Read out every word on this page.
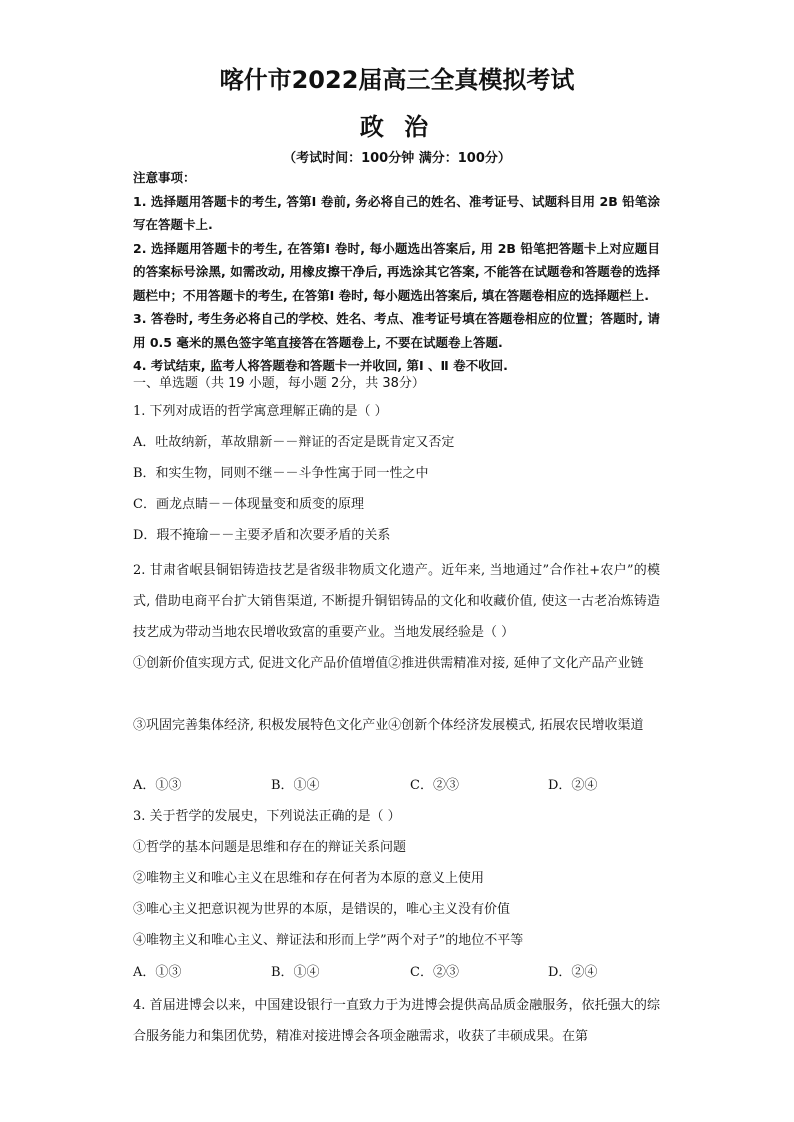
喀什市2022届高三全真模拟考试
政 治
（考试时间：100分钟 满分：100分）

注意事项：

1. 选择题用答题卡的考生, 答第Ⅰ 卷前, 务必将自己的姓名、准考证号、试题科目用 2B 铅笔涂写在答题卡上.

2. 选择题用答题卡的考生, 在答第Ⅰ 卷时, 每小题选出答案后, 用 2B 铅笔把答题卡上对应题目的答案标号涂黑, 如需改动, 用橡皮擦干净后, 再选涂其它答案, 不能答在试题卷和答题卷的选择题栏中；不用答题卡的考生, 在答第Ⅰ 卷时, 每小题选出答案后, 填在答题卷相应的选择题栏上.

3. 答卷时, 考生务必将自己的学校、姓名、考点、准考证号填在答题卷相应的位置；答题时, 请用 0.5 毫米的黑色签字笔直接答在答题卷上, 不要在试题卷上答题.

4. 考试结束, 监考人将答题卷和答题卡一并收回, 第Ⅰ 、Ⅱ 卷不收回.

一、单选题（共 19 小题，每小题 2分，共 38分）
1. 下列对成语的哲学寓意理解正确的是（ ）
A．吐故纳新，革故鼎新－－辩证的否定是既肯定又否定
B．和实生物，同则不继－－斗争性寓于同一性之中
C．画龙点睛－－体现量变和质变的原理
D．瑕不掩瑜－－主要矛盾和次要矛盾的关系
2. 甘肃省岷县铜铝铸造技艺是省级非物质文化遗产。近年来, 当地通过”合作社+农户”的模式, 借助电商平台扩大销售渠道, 不断提升铜铝铸品的文化和收藏价值, 使这一古老冶炼铸造技艺成为带动当地农民增收致富的重要产业。当地发展经验是（ ）
①创新价值实现方式, 促进文化产品价值增值②推进供需精准对接, 延伸了文化产品产业链
③巩固完善集体经济, 积极发展特色文化产业④创新个体经济发展模式, 拓展农民增收渠道
A．①③	B．①④	C．②③	D．②④
3. 关于哲学的发展史，下列说法正确的是（ ）
①哲学的基本问题是思维和存在的辩证关系问题
②唯物主义和唯心主义在思维和存在何者为本原的意义上使用
③唯心主义把意识视为世界的本原，是错误的，唯心主义没有价值
④唯物主义和唯心主义、辩证法和形而上学”两个对子”的地位不平等
A．①③	B．①④	C．②③	D．②④
4. 首届进博会以来，中国建设银行一直致力于为进博会提供高品质金融服务，依托强大的综合服务能力和集团优势，精准对接进博会各项金融需求，收获了丰硕成果。在第
